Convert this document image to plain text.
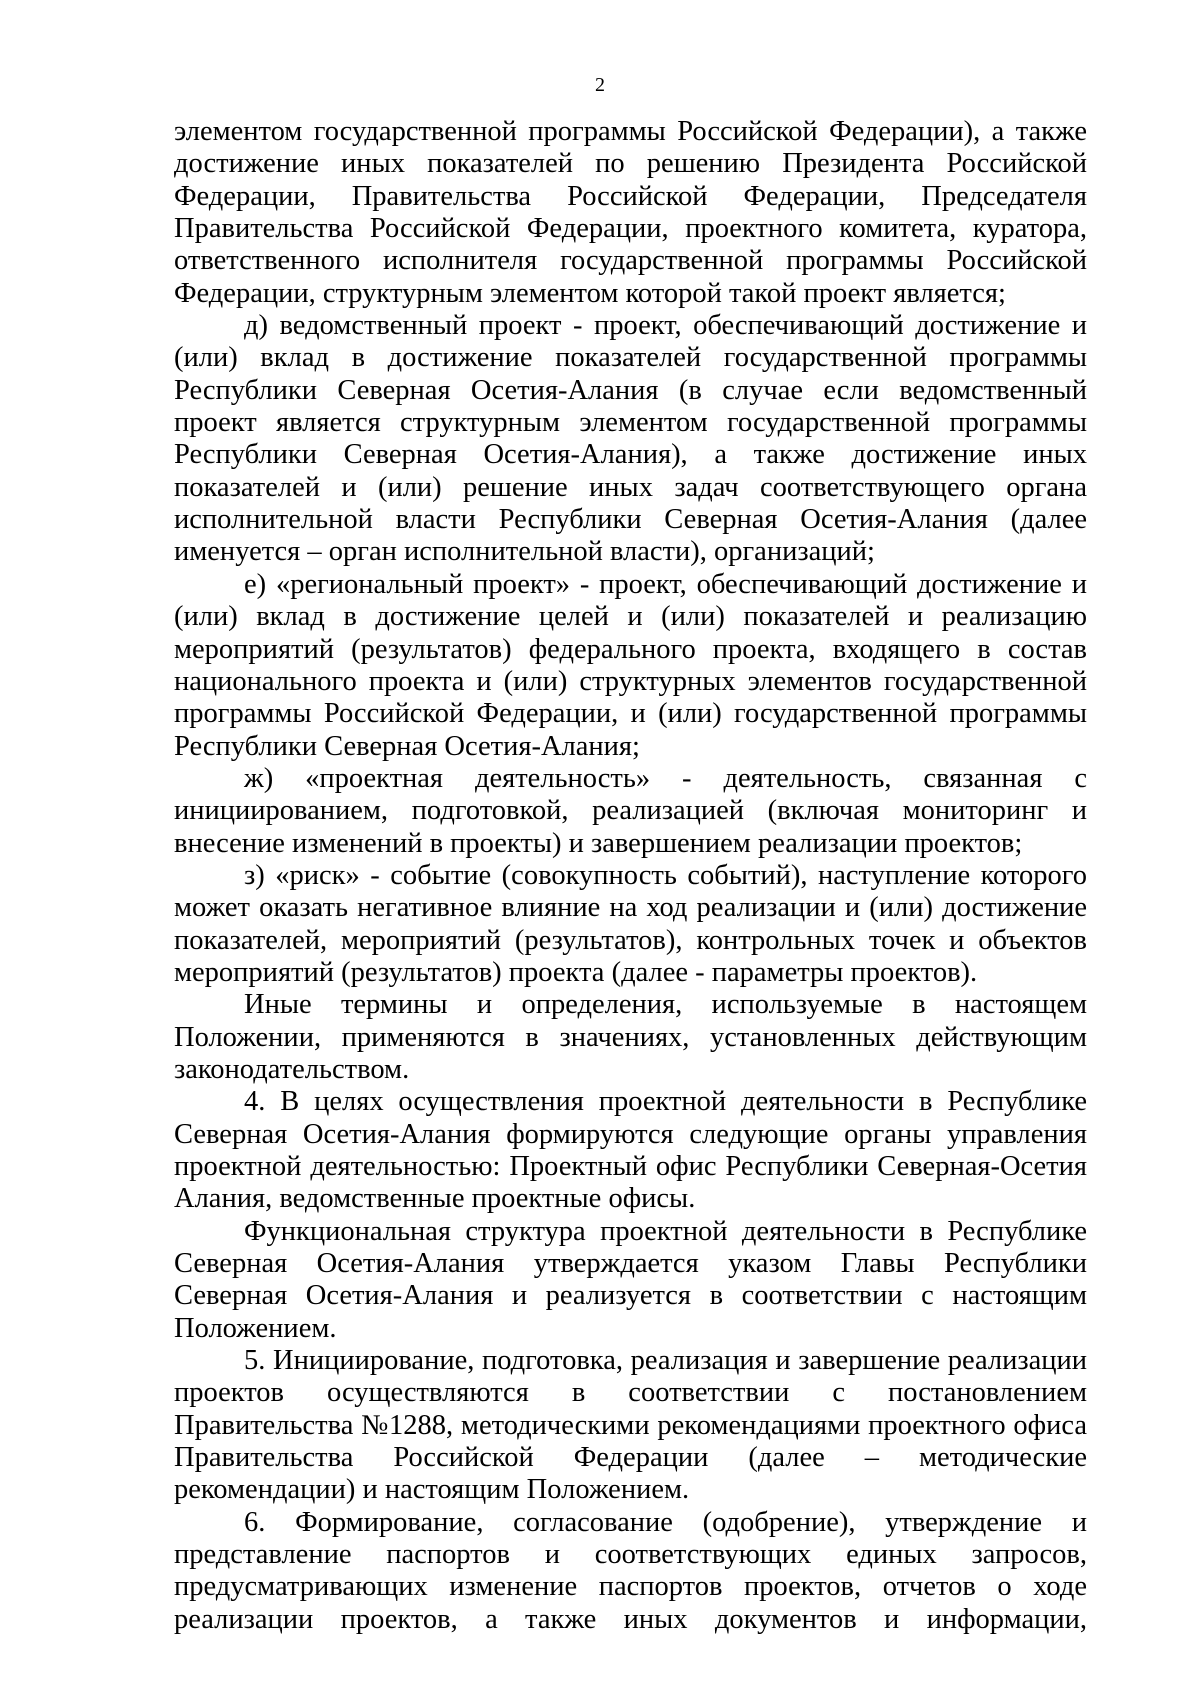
2

элементом государственной программы Российской Федерации), а также достижение иных показателей по решению Президента Российской Федерации, Правительства Российской Федерации, Председателя Правительства Российской Федерации, проектного комитета, куратора, ответственного исполнителя государственной программы Российской Федерации, структурным элементом которой такой проект является;

д) ведомственный проект - проект, обеспечивающий достижение и (или) вклад в достижение показателей государственной программы Республики Северная Осетия-Алания (в случае если ведомственный проект является структурным элементом государственной программы Республики Северная Осетия-Алания), а также достижение иных показателей и (или) решение иных задач соответствующего органа исполнительной власти Республики Северная Осетия-Алания (далее именуется – орган исполнительной власти), организаций;

е) «региональный проект» - проект, обеспечивающий достижение и (или) вклад в достижение целей и (или) показателей и реализацию мероприятий (результатов) федерального проекта, входящего в состав национального проекта и (или) структурных элементов государственной программы Российской Федерации, и (или) государственной программы Республики Северная Осетия-Алания;

ж) «проектная деятельность» - деятельность, связанная с инициированием, подготовкой, реализацией (включая мониторинг и внесение изменений в проекты) и завершением реализации проектов;

з) «риск» - событие (совокупность событий), наступление которого может оказать негативное влияние на ход реализации и (или) достижение показателей, мероприятий (результатов), контрольных точек и объектов мероприятий (результатов) проекта (далее - параметры проектов).

Иные термины и определения, используемые в настоящем Положении, применяются в значениях, установленных действующим законодательством.

4. В целях осуществления проектной деятельности в Республике Северная Осетия-Алания формируются следующие органы управления проектной деятельностью: Проектный офис Республики Северная-Осетия Алания, ведомственные проектные офисы.

Функциональная структура проектной деятельности в Республике Северная Осетия-Алания утверждается указом Главы Республики Северная Осетия-Алания и реализуется в соответствии с настоящим Положением.

5. Инициирование, подготовка, реализация и завершение реализации проектов осуществляются в соответствии с постановлением Правительства №1288, методическими рекомендациями проектного офиса Правительства Российской Федерации (далее – методические рекомендации) и настоящим Положением.

6. Формирование, согласование (одобрение), утверждение и представление паспортов и соответствующих единых запросов, предусматривающих изменение паспортов проектов, отчетов о ходе реализации проектов, а также иных документов и информации,
